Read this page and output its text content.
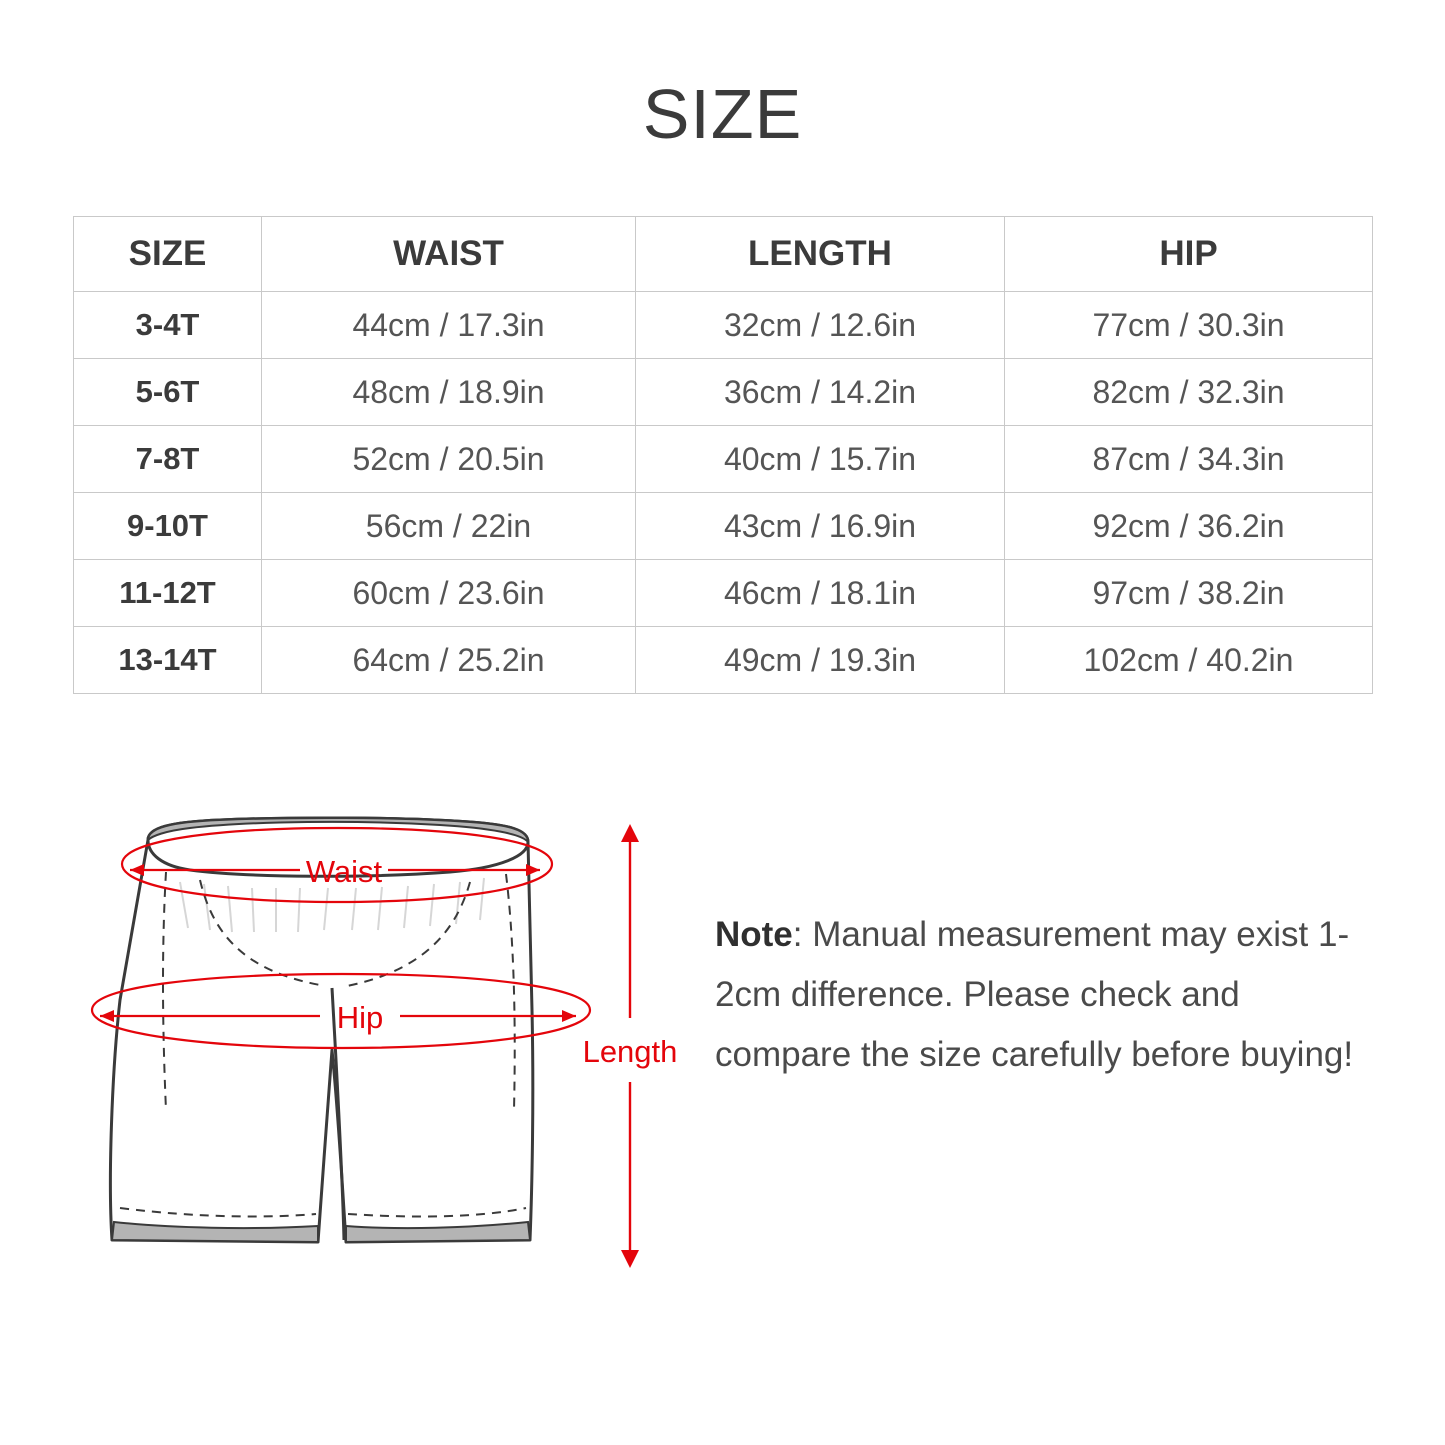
SIZE
SIZE	WAIST	LENGTH	HIP
3-4T	44cm / 17.3in	32cm / 12.6in	77cm / 30.3in
5-6T	48cm / 18.9in	36cm / 14.2in	82cm / 32.3in
7-8T	52cm / 20.5in	40cm / 15.7in	87cm / 34.3in
9-10T	56cm / 22in	43cm / 16.9in	92cm / 36.2in
11-12T	60cm / 23.6in	46cm / 18.1in	97cm / 38.2in
13-14T	64cm / 25.2in	49cm / 19.3in	102cm / 40.2in
Waist
Hip
Length
Note: Manual measurement may exist 1-2cm difference. Please check and compare the size carefully before buying!
